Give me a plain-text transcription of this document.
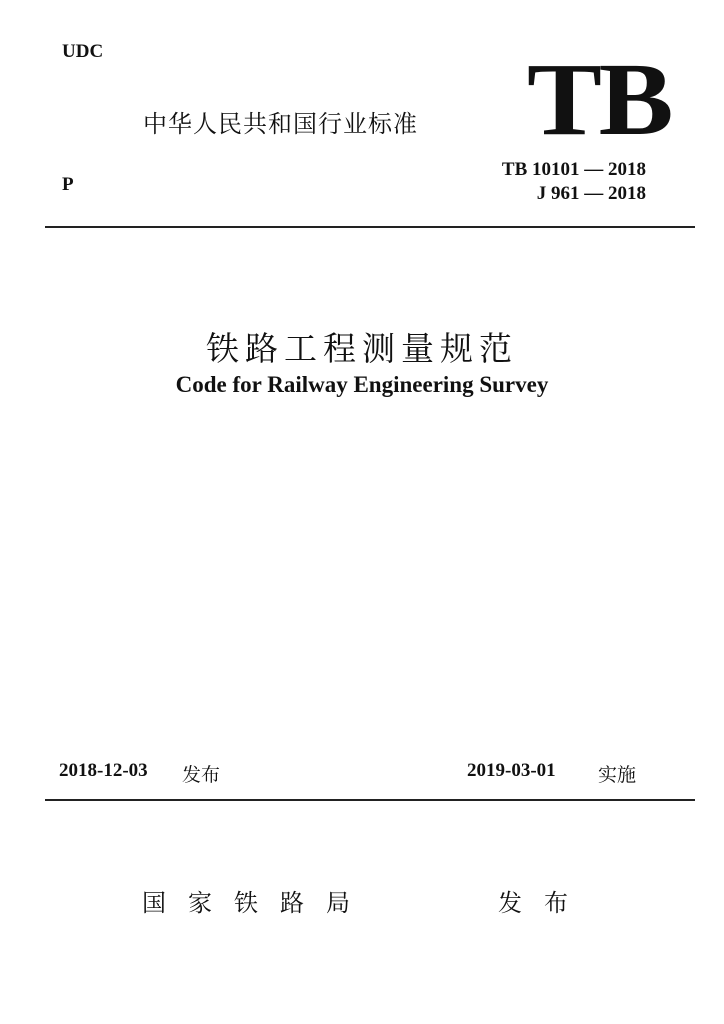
UDC
中华人民共和国行业标准 TB
TB 10101 — 2018
J 961 — 2018
P
铁路工程测量规范
Code for Railway Engineering Survey
2018-12-03 发布	2019-03-01 实施
国家铁路局	发布
